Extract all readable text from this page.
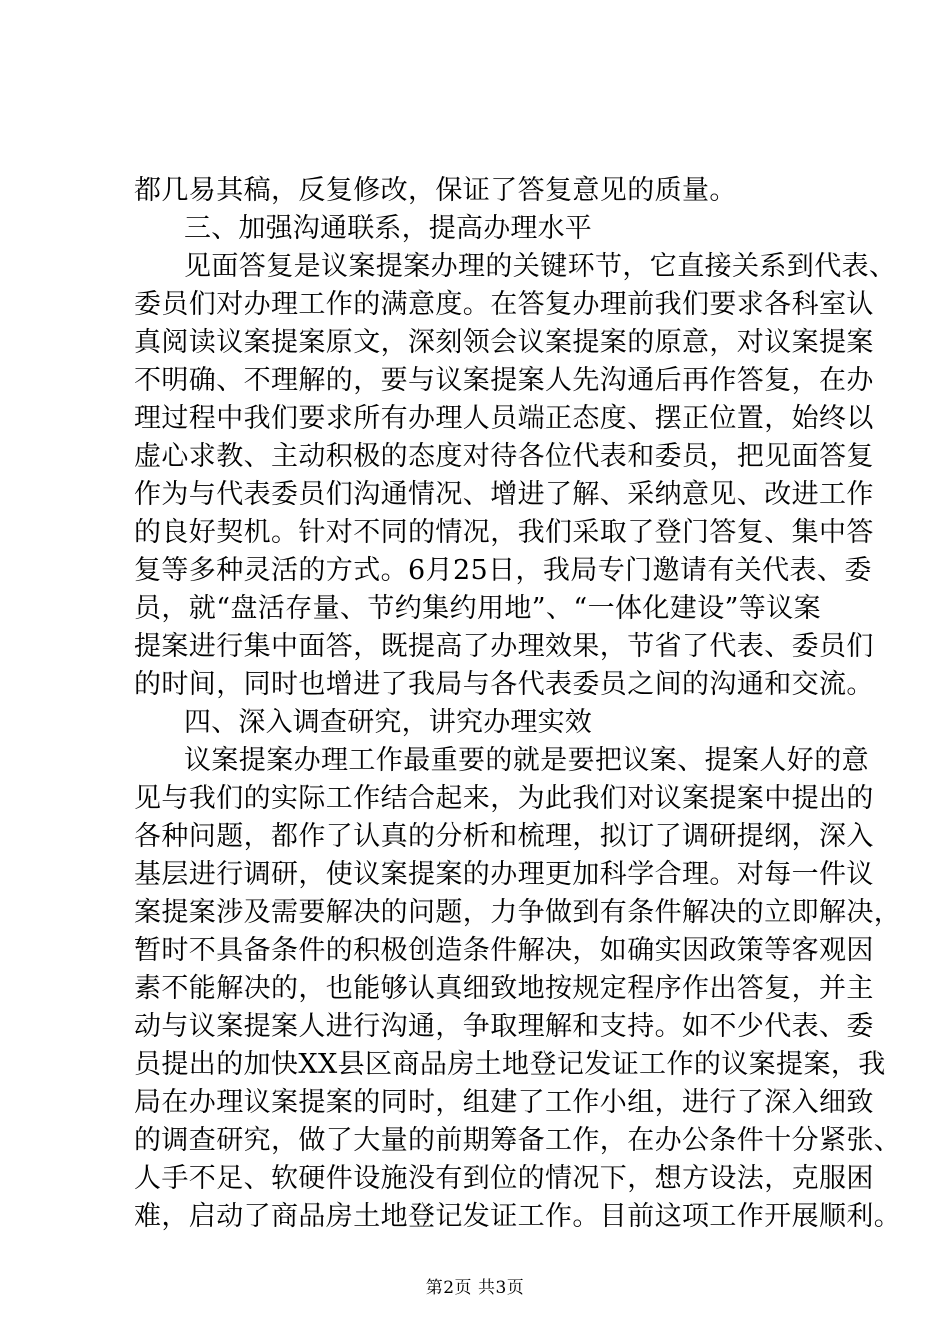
都几易其稿，反复修改，保证了答复意见的质量。
三、加强沟通联系，提高办理水平
见面答复是议案提案办理的关键环节，它直接关系到代表、
委员们对办理工作的满意度。在答复办理前我们要求各科室认
真阅读议案提案原文，深刻领会议案提案的原意，对议案提案
不明确、不理解的，要与议案提案人先沟通后再作答复，在办
理过程中我们要求所有办理人员端正态度、摆正位置，始终以
虚心求教、主动积极的态度对待各位代表和委员，把见面答复
作为与代表委员们沟通情况、增进了解、采纳意见、改进工作
的良好契机。针对不同的情况，我们采取了登门答复、集中答
复等多种灵活的方式。6月25日，我局专门邀请有关代表、委
员，就“盘活存量、节约集约用地”、“一体化建设”等议案
提案进行集中面答，既提高了办理效果，节省了代表、委员们
的时间，同时也增进了我局与各代表委员之间的沟通和交流。
四、深入调查研究，讲究办理实效
议案提案办理工作最重要的就是要把议案、提案人好的意
见与我们的实际工作结合起来，为此我们对议案提案中提出的
各种问题，都作了认真的分析和梳理，拟订了调研提纲，深入
基层进行调研，使议案提案的办理更加科学合理。对每一件议
案提案涉及需要解决的问题，力争做到有条件解决的立即解决，
暂时不具备条件的积极创造条件解决，如确实因政策等客观因
素不能解决的，也能够认真细致地按规定程序作出答复，并主
动与议案提案人进行沟通，争取理解和支持。如不少代表、委
员提出的加快XX县区商品房土地登记发证工作的议案提案，我
局在办理议案提案的同时，组建了工作小组，进行了深入细致
的调查研究，做了大量的前期筹备工作，在办公条件十分紧张、
人手不足、软硬件设施没有到位的情况下，想方设法，克服困
难，启动了商品房土地登记发证工作。目前这项工作开展顺利。
第2页 共3页
